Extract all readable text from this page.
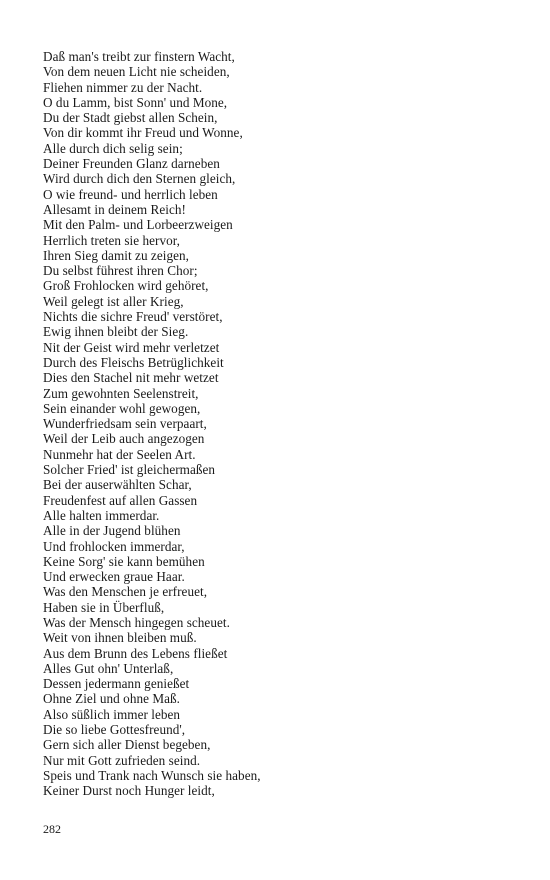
Daß man's treibt zur finstern Wacht,
Von dem neuen Licht nie scheiden,
Fliehen nimmer zu der Nacht.
O du Lamm, bist Sonn' und Mone,
Du der Stadt giebst allen Schein,
Von dir kommt ihr Freud und Wonne,
Alle durch dich selig sein;
Deiner Freunden Glanz darneben
Wird durch dich den Sternen gleich,
O wie freund- und herrlich leben
Allesamt in deinem Reich!
Mit den Palm- und Lorbeerzweigen
Herrlich treten sie hervor,
Ihren Sieg damit zu zeigen,
Du selbst führest ihren Chor;
Groß Frohlocken wird gehöret,
Weil gelegt ist aller Krieg,
Nichts die sichre Freud' verstöret,
Ewig ihnen bleibt der Sieg.
Nit der Geist wird mehr verletzet
Durch des Fleischs Betrüglichkeit
Dies den Stachel nit mehr wetzet
Zum gewohnten Seelenstreit,
Sein einander wohl gewogen,
Wunderfriedsam sein verpaart,
Weil der Leib auch angezogen
Nunmehr hat der Seelen Art.
Solcher Fried' ist gleichermaßen
Bei der auserwählten Schar,
Freudenfest auf allen Gassen
Alle halten immerdar.
Alle in der Jugend blühen
Und frohlocken immerdar,
Keine Sorg' sie kann bemühen
Und erwecken graue Haar.
Was den Menschen je erfreuet,
Haben sie in Überfluß,
Was der Mensch hingegen scheuet.
Weit von ihnen bleiben muß.
Aus dem Brunn des Lebens fließet
Alles Gut ohn' Unterlaß,
Dessen jedermann genießet
Ohne Ziel und ohne Maß.
Also süßlich immer leben
Die so liebe Gottesfreund',
Gern sich aller Dienst begeben,
Nur mit Gott zufrieden seind.
Speis und Trank nach Wunsch sie haben,
Keiner Durst noch Hunger leidt,
282
